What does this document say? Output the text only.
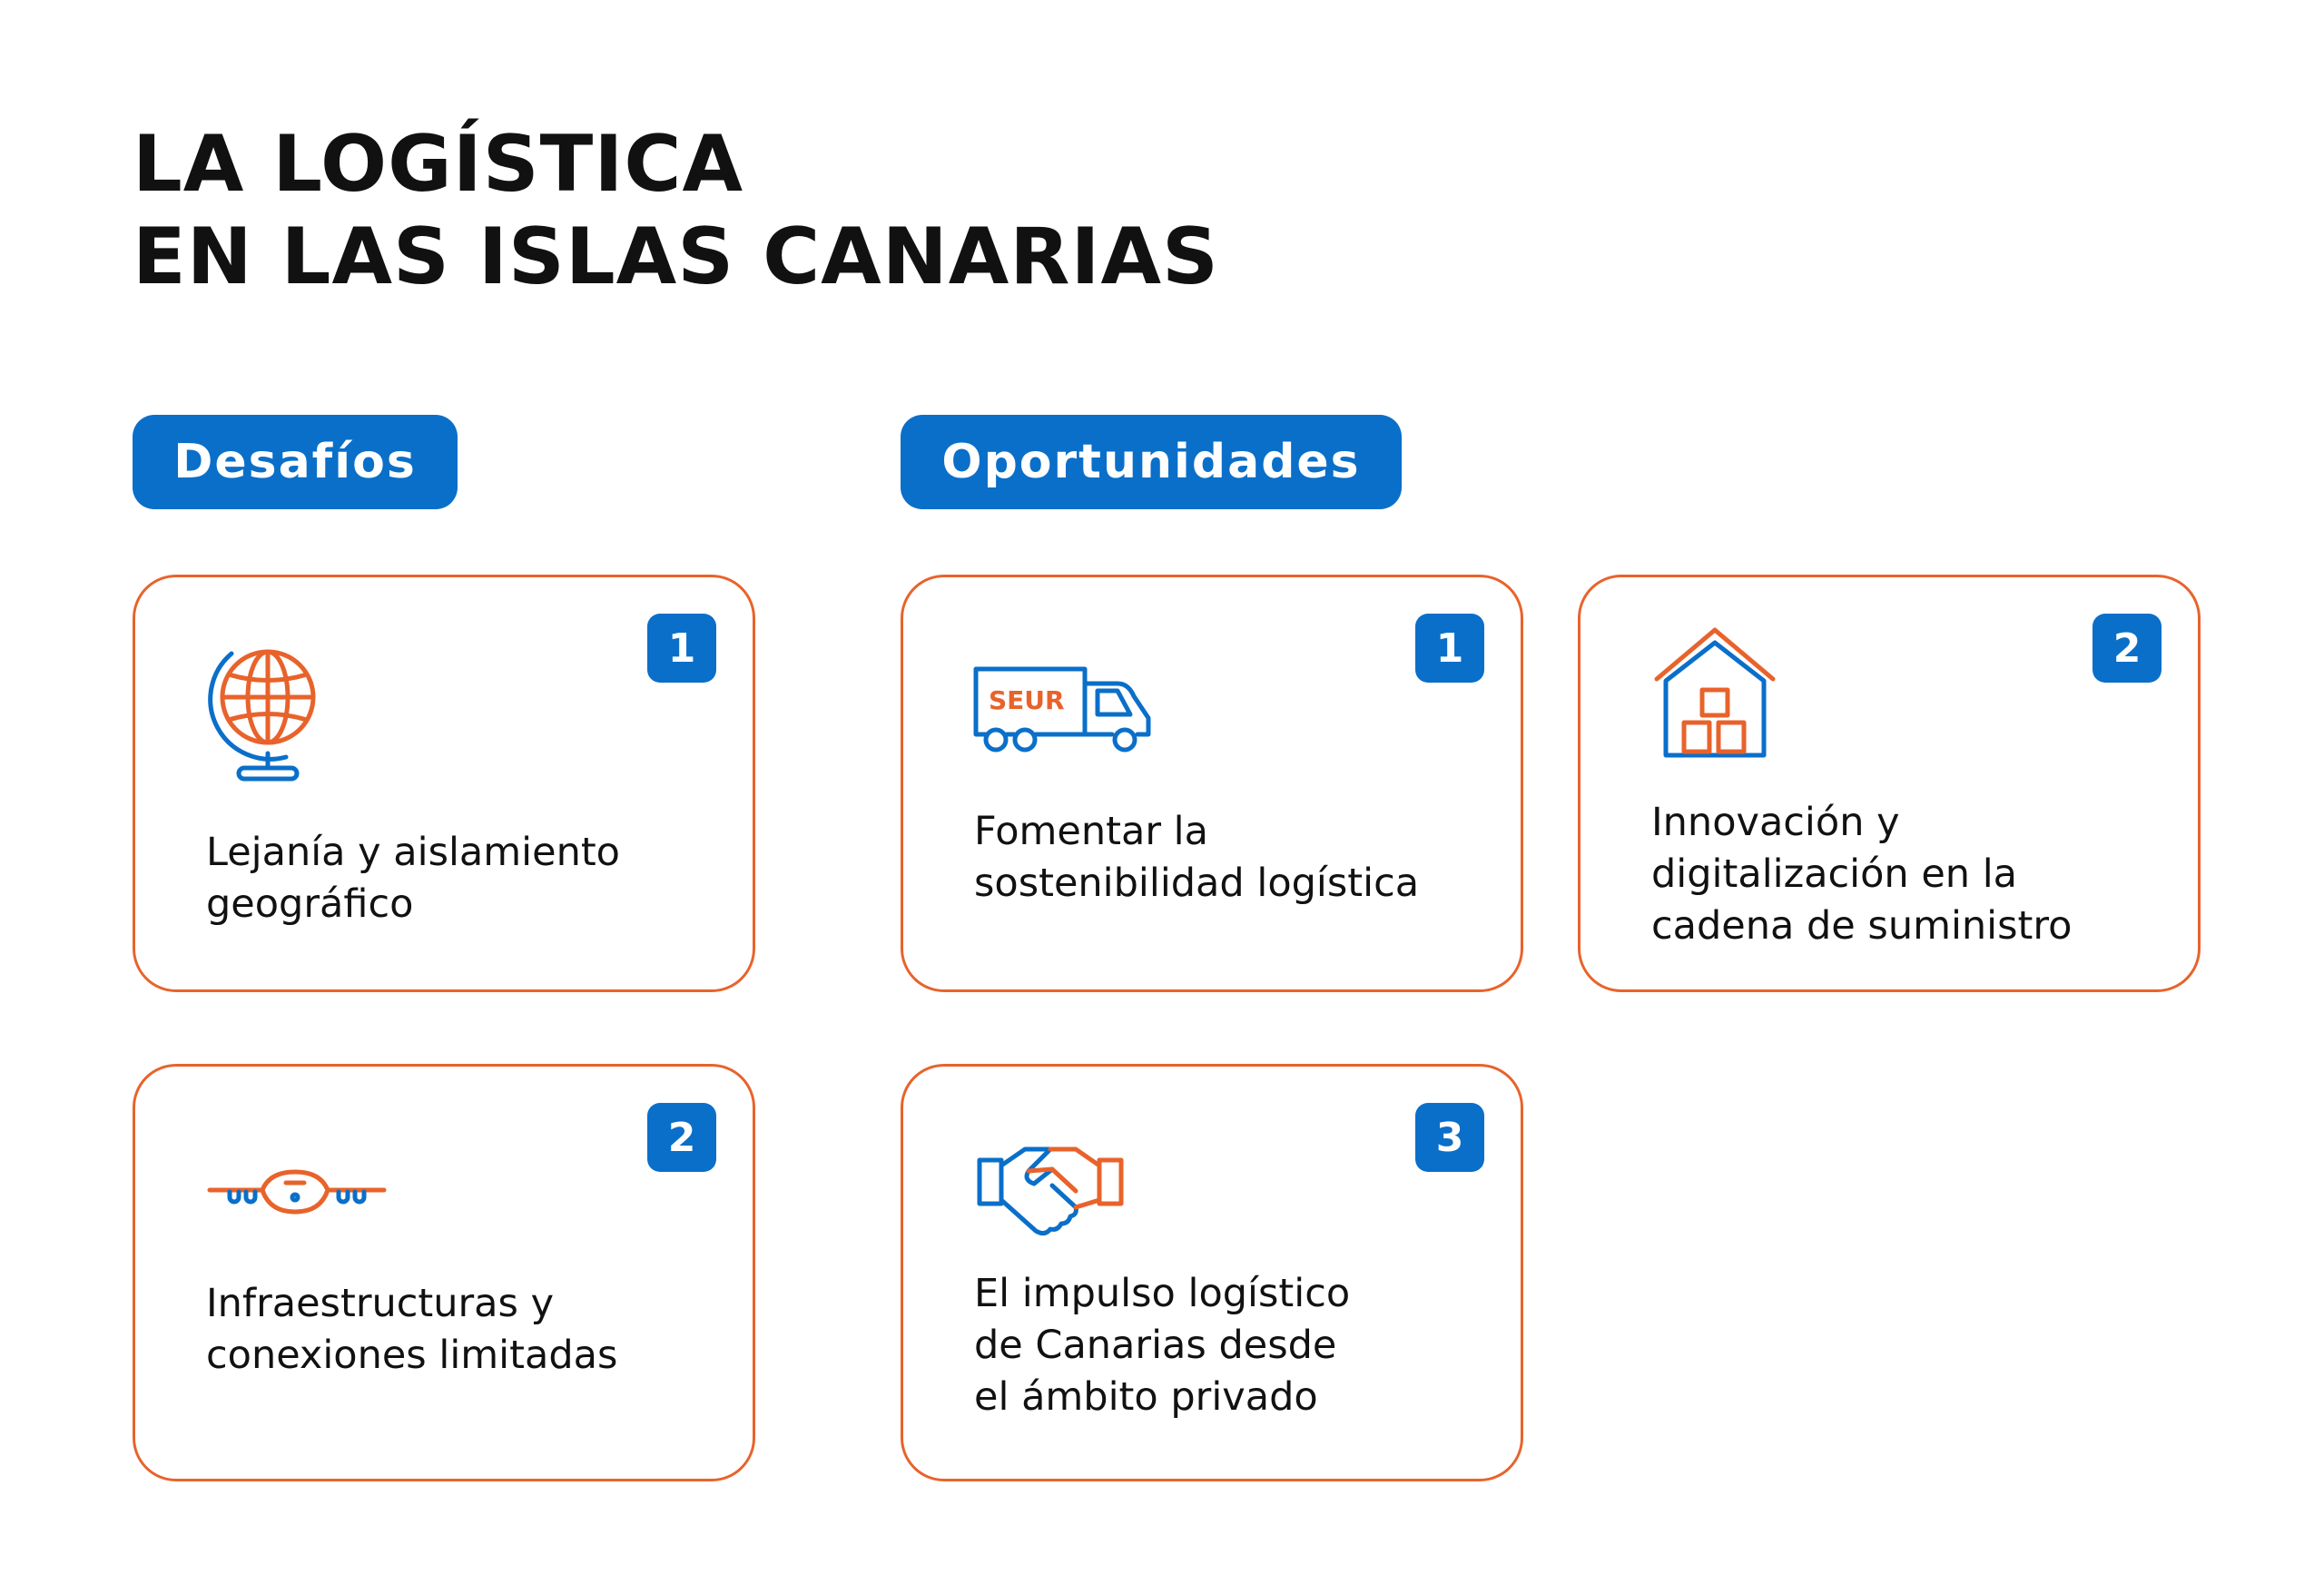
LA LOGÍSTICA
EN LAS ISLAS CANARIAS
Desafíos	Oportunidades
1

Lejanía y aislamiento
geográfico

2

Infraestructuras y
conexiones limitadas

1
SEUR

Fomentar la
sostenibilidad logística

2

Innovación y
digitalización en la
cadena de suministro

3

El impulso logístico
de Canarias desde
el ámbito privado
